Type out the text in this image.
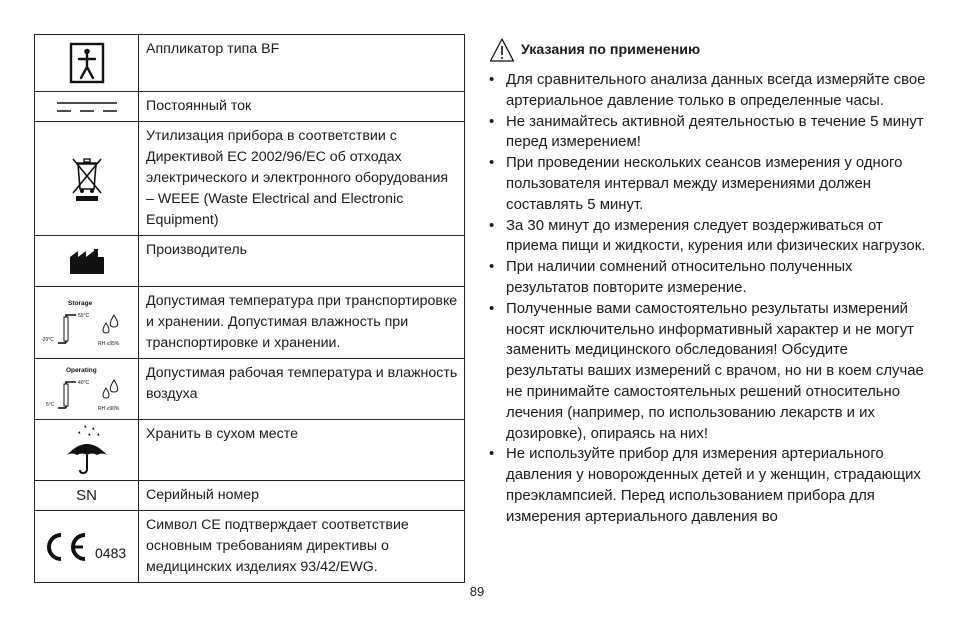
	Аппликатор типа BF

	Постоянный ток

	Утилизация прибора в соответствии с Директивой ЕС 2002/96/EC об отходах электрического и электронного оборудования – WEEE (Waste Electrical and Electronic Equipment)

	Производитель

Storage
55°C
-20°C
RH ≤95%	Допустимая температура при транспортировке и хранении. Допустимая влажность при транспортировке и хранении.

Operating
40°C
5°C
RH ≤90%	Допустимая рабочая температура и влажность воздуха

	Хранить в сухом месте
SN	Серийный номер

0483	Символ СЕ подтверждает соответствие основным требованиям директивы о медицинских изделиях 93/42/EWG.
Указания по применению
• Для сравнительного анализа данных всегда измеряйте свое артериальное давление только в определенные часы.
• Не занимайтесь активной деятельностью в течение 5 минут перед измерением!
• При проведении нескольких сеансов измерения у одного пользователя интервал между измерениями должен составлять 5 минут.
• За 30 минут до измерения следует воздерживаться от приема пищи и жидкости, курения или физических нагрузок.
• При наличии сомнений относительно полученных результатов повторите измерение.
• Полученные вами самостоятельно результаты измерений носят исключительно информативный характер и не могут заменить медицинского обследования! Обсудите результаты ваших измерений с врачом, но ни в коем случае не принимайте самостоятельных решений относительно лечения (например, по использованию лекарств и их дозировке), опираясь на них!
• Не используйте прибор для измерения артериального давления у новорожденных детей и у женщин, страдающих преэклампсией. Перед использованием прибора для измерения артериального давления во
89
